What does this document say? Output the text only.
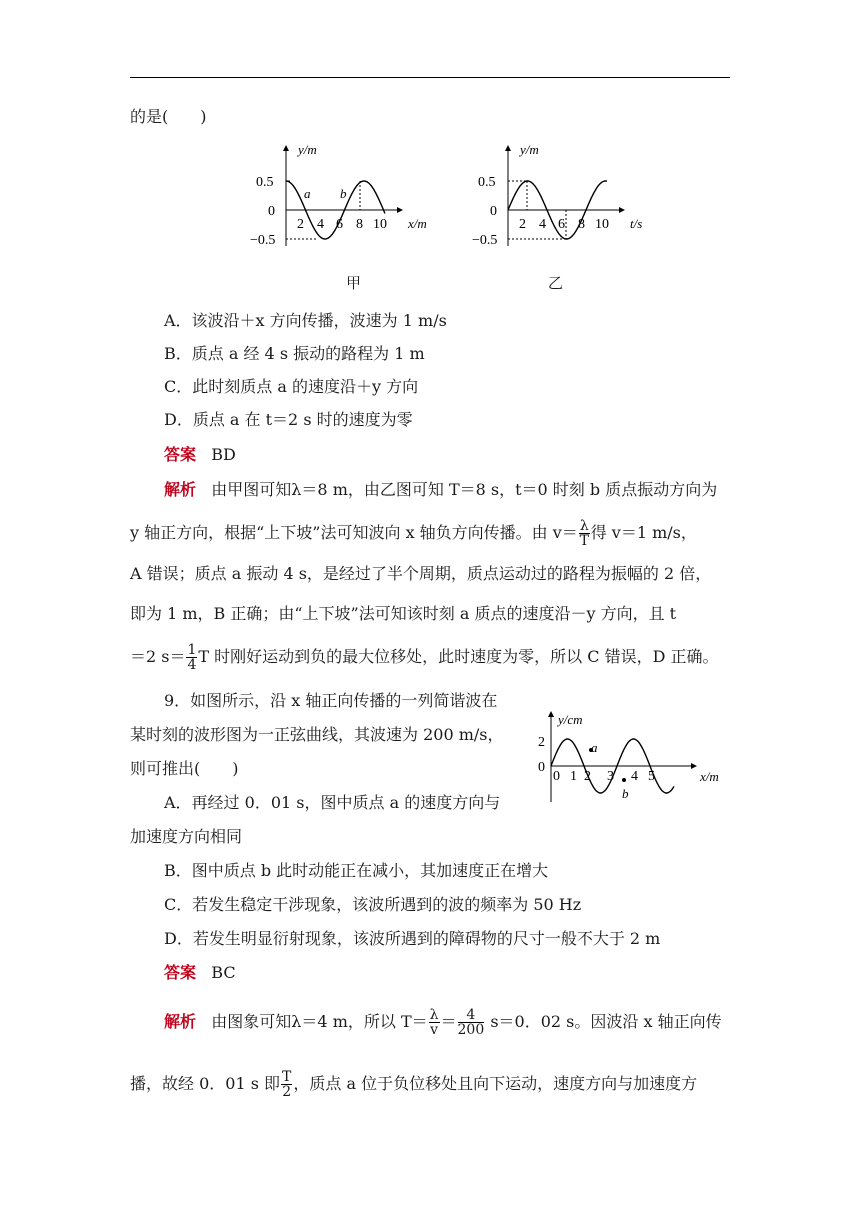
的是(　　)
y/m
x/m
0.5
0
−0.5
2 4 6 8 10
a b
甲
y/m
t/s
0.5
0
−0.5
2 4 6 8 10
乙
A．该波沿＋x 方向传播，波速为 1 m/s
B．质点 a 经 4 s 振动的路程为 1 m
C．此时刻质点 a 的速度沿＋y 方向
D．质点 a 在 t＝2 s 时的速度为零
答案 BD
解析 由甲图可知λ＝8 m，由乙图可知 T＝8 s，t＝0 时刻 b 质点振动方向为
y 轴正方向，根据“上下坡”法可知波向 x 轴负方向传播。由 $v= \frac{\lambda}{T}$ 得 v＝1 m/s，
A 错误；质点 a 振动 4 s，是经过了半个周期，质点运动过的路程为振幅的 2 倍，
即为 1 m，B 正确；由“上下坡”法可知该时刻 a 质点的速度沿－y 方向，且 t
＝2 $s= \frac{1}{4}$ T 时刚好运动到负的最大位移处，此时速度为零，所以 C 错误，D 正确。
9．如图所示，沿 x 轴正向传播的一列简谐波在
某时刻的波形图为一正弦曲线，其波速为 200 m/s，
则可推出(　　)
y/cm
x/m
2
0
0 1 2 3 4 5
a
b
A．再经过 0．01 s，图中质点 a 的速度方向与
加速度方向相同
B．图中质点 b 此时动能正在减小，其加速度正在增大
C．若发生稳定干涉现象，该波所遇到的波的频率为 50 Hz
D．若发生明显衍射现象，该波所遇到的障碍物的尺寸一般不大于 2 m
答案 BC
解析 由图象可知λ＝4 m，所以 $T= \frac{\lambda}{v} = \frac{4}{200} s=0$．02 s。因波沿 x 轴正向传
播，故经 0．01 s 即 $\frac{T}{2}$ ，质点 a 位于负位移处且向下运动，速度方向与加速度方
